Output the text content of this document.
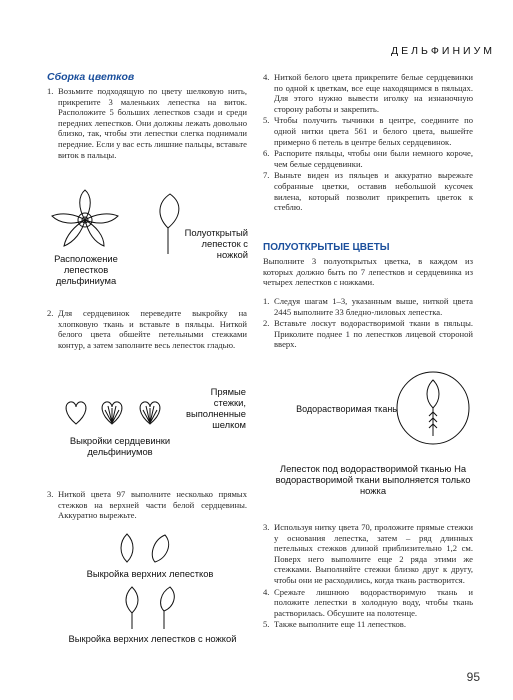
ДЕЛЬФИНИУМ
Сборка цветков
1. Возьмите подходящую по цвету шелковую нить, прикрепите 3 маленьких лепестка на виток. Расположите 5 больших лепестков сзади и среди передних лепестков. Они должны лежать довольно близко, так, чтобы эти лепестки слегка поднимали передние. Если у вас есть лишние пальцы, вставьте виток в пальцы.
Расположение лепестков дельфиниума
Полуоткрытый лепесток с ножкой
2. Для сердцевинок переведите выкройку на хлопковую ткань и вставьте в пяльцы. Ниткой белого цвета обшейте петельными стежками контур, а затем заполните весь лепесток гладью.
Прямые стежки, выполненные шелком
Выкройки сердцевинки дельфиниумов
3. Ниткой цвета 97 выполните несколько прямых стежков на верхней части белой сердцевины. Аккуратно вырежьте.
Выкройка верхних лепестков
Выкройка верхних лепестков с ножкой
4. Ниткой белого цвета прикрепите белые сердцевинки по одной к цветкам, все еще находящимся в пяльцах. Для этого нужно вывести иголку на изнаночную сторону работы и закрепить.
5. Чтобы получить тычинки в центре, соедините по одной нитки цвета 561 и белого цвета, вышейте примерно 6 петель в центре белых сердцевинок.
6. Распорите пяльцы, чтобы они были немного короче, чем белые сердцевинки.
7. Выньте виден из пяльцев и аккуратно вырежьте собранные цветки, оставив небольшой кусочек виленa, который позволит прикрепить цветок к стеблю.
ПОЛУОТКРЫТЫЕ ЦВЕТЫ
Выполните 3 полуоткрытых цветка, в каждом из которых должно быть по 7 лепестков и сердцевинка из четырех лепестков с ножками.
1. Следуя шагам 1–3, указанным выше, ниткой цвета 2445 выполните 33 бледно-лиловых лепестка.
2. Вставьте лоскут водорастворимой ткани в пяльцы. Приколите поднее 1 по лепестков лицевой стороной вверх.
Водорастворимая ткань
Лепесток под водорастворимой тканью На водорастворимой ткани выполняется только ножка
3. Используя нитку цвета 70, проложите прямые стежки у основания лепестка, затем – ряд длинных петельных стежков длиной приблизительно 1,2 см. Поверх него выполните еще 2 ряда этими же стежками. Выполняйте стежки близко друг к другу, чтобы они не расходились, когда ткань растворится.
4. Срежьте лишнюю водорастворимую ткань и положите лепестки в холодную воду, чтобы ткань растворилась. Обсушите на полотенце.
5. Также выполните еще 11 лепестков.
95
